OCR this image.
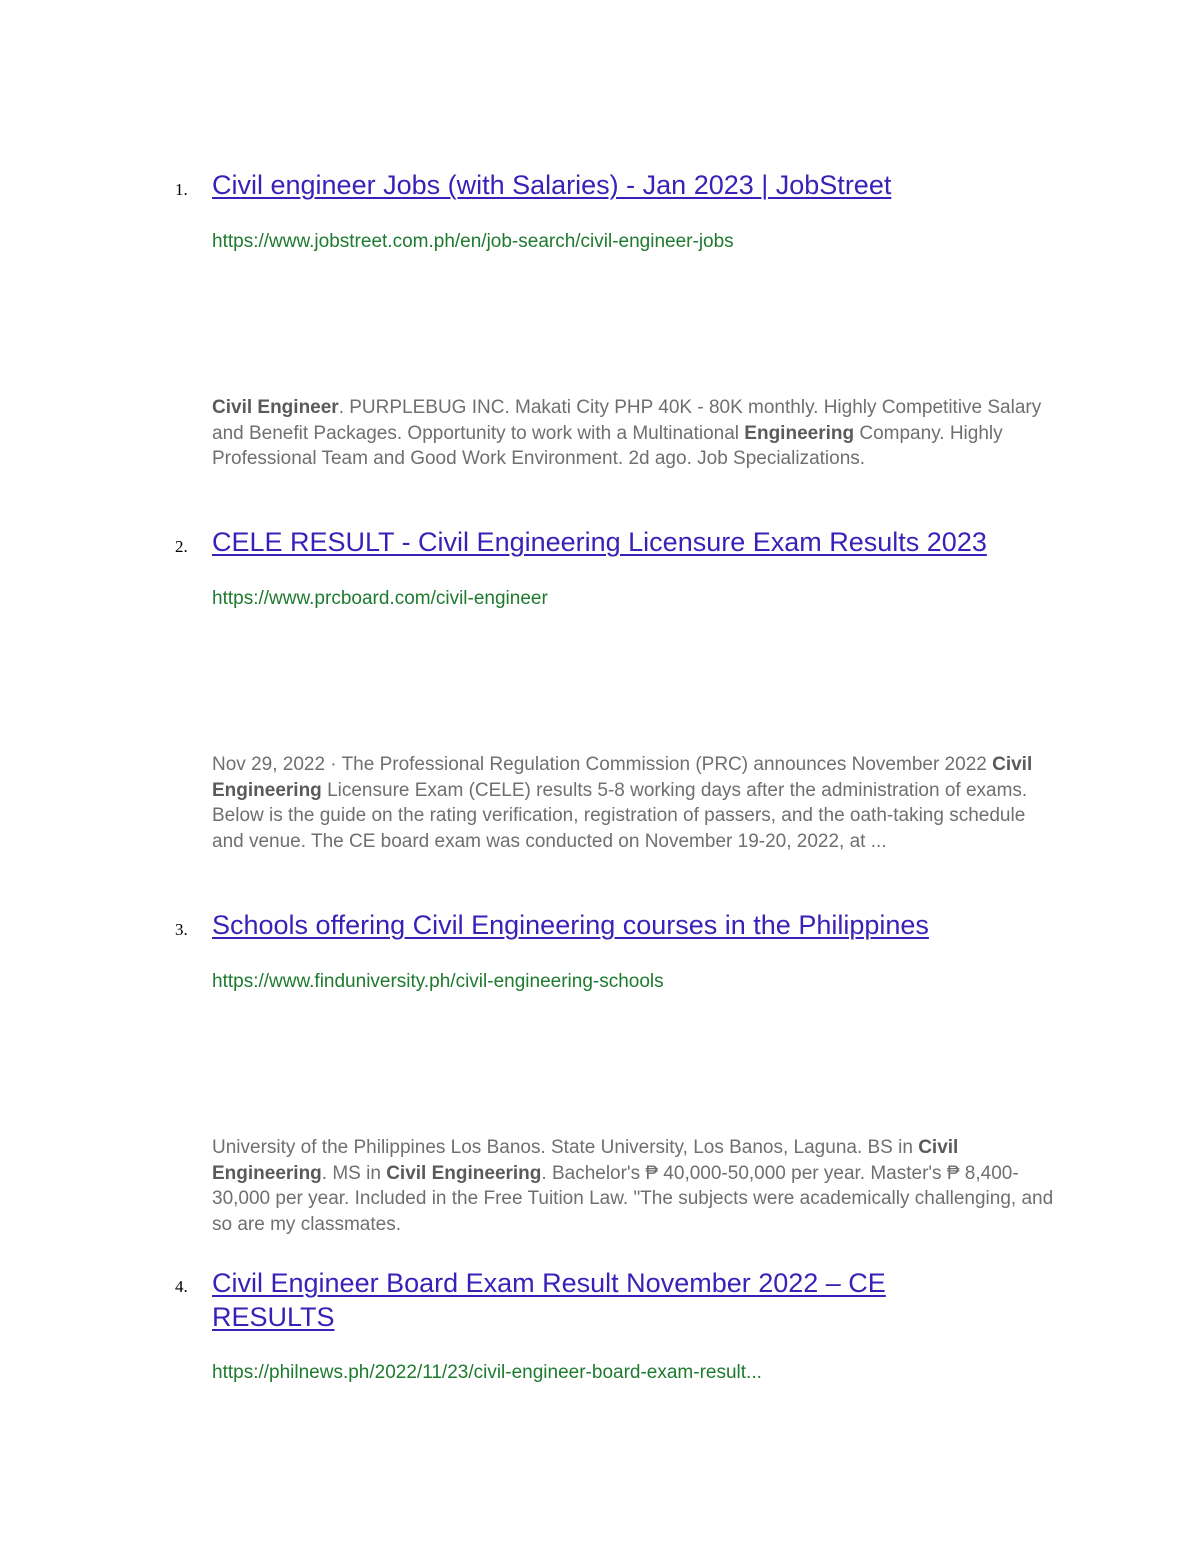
1. Civil engineer Jobs (with Salaries) - Jan 2023 | JobStreet
https://www.jobstreet.com.ph/en/job-search/civil-engineer-jobs
Civil Engineer. PURPLEBUG INC. Makati City PHP 40K - 80K monthly. Highly Competitive Salary and Benefit Packages. Opportunity to work with a Multinational Engineering Company. Highly Professional Team and Good Work Environment. 2d ago. Job Specializations.
2. CELE RESULT - Civil Engineering Licensure Exam Results 2023
https://www.prcboard.com/civil-engineer
Nov 29, 2022 · The Professional Regulation Commission (PRC) announces November 2022 Civil Engineering Licensure Exam (CELE) results 5-8 working days after the administration of exams. Below is the guide on the rating verification, registration of passers, and the oath-taking schedule and venue. The CE board exam was conducted on November 19-20, 2022, at ...
3. Schools offering Civil Engineering courses in the Philippines
https://www.finduniversity.ph/civil-engineering-schools
University of the Philippines Los Banos. State University, Los Banos, Laguna. BS in Civil Engineering. MS in Civil Engineering. Bachelor's ₱ 40,000-50,000 per year. Master's ₱ 8,400-30,000 per year. Included in the Free Tuition Law. "The subjects were academically challenging, and so are my classmates.
4. Civil Engineer Board Exam Result November 2022 – CE RESULTS
https://philnews.ph/2022/11/23/civil-engineer-board-exam-result...
